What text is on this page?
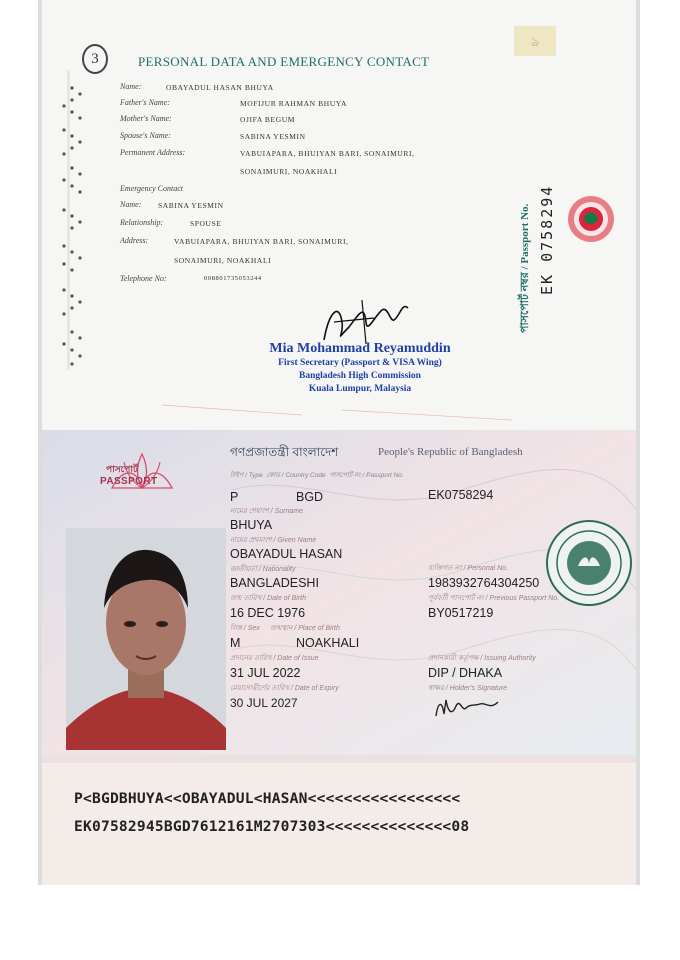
3
ঌ
PERSONAL DATA AND EMERGENCY CONTACT
Name:	OBAYADUL HASAN BHUYA
Father's Name:	MOFIJUR RAHMAN BHUYA
Mother's Name:	OJIFA BEGUM
Spouse's Name:	SABINA YESMIN
Permanent Address:	VABUIAPARA, BHUIYAN BARI, SONAIMURI,
SONAIMURI, NOAKHALI
Emergency Contact
Name: SABINA YESMIN
Relationship:	SPOUSE
Address:	VABUIAPARA, BHUIYAN BARI, SONAIMURI,
SONAIMURI, NOAKHALI
Telephone No:	008801735053244
Mia Mohammad Reyamuddin
First Secretary (Passport & VISA Wing)
Bangladesh High Commission
Kuala Lumpur, Malaysia
পাসপোর্ট নম্বর / Passport No. EK 0758294
পাসপোর্ট
PASSPORT
গণপ্রজাতন্ত্রী বাংলাদেশ	People's Republic of Bangladesh
টাইপ / Type  কোড / Country Code  পাসপোর্ট নং / Passport No.
P	BGD	EK0758294
নামের শেষাংশ / Surname
BHUYA
নামের প্রথমাংশ / Given Name
OBAYADUL HASAN
জাতীয়তা / Nationality
BANGLADESHI
জন্ম তারিখ / Date of Birth
16 DEC 1976
লিঙ্গ / Sex জন্মস্থান / Place of Birth
M	NOAKHALI
প্রদানের তারিখ / Date of Issue
31 JUL 2022
মেয়াদোত্তীর্ণের তারিখ / Date of Expiry
30 JUL 2027
ব্যক্তিগত নং / Personal No.
1983932764304250
পূর্ববর্তী পাসপোর্ট নং / Previous Passport No.
BY0517219
প্রদানকারী কর্তৃপক্ষ / Issuing Authority
DIP / DHAKA
স্বাক্ষর / Holder's Signature
P<BGDBHUYA<<OBAYADUL<HASAN<<<<<<<<<<<<<<<<<
EK07582945BGD7612161M2707303<<<<<<<<<<<<<<08
